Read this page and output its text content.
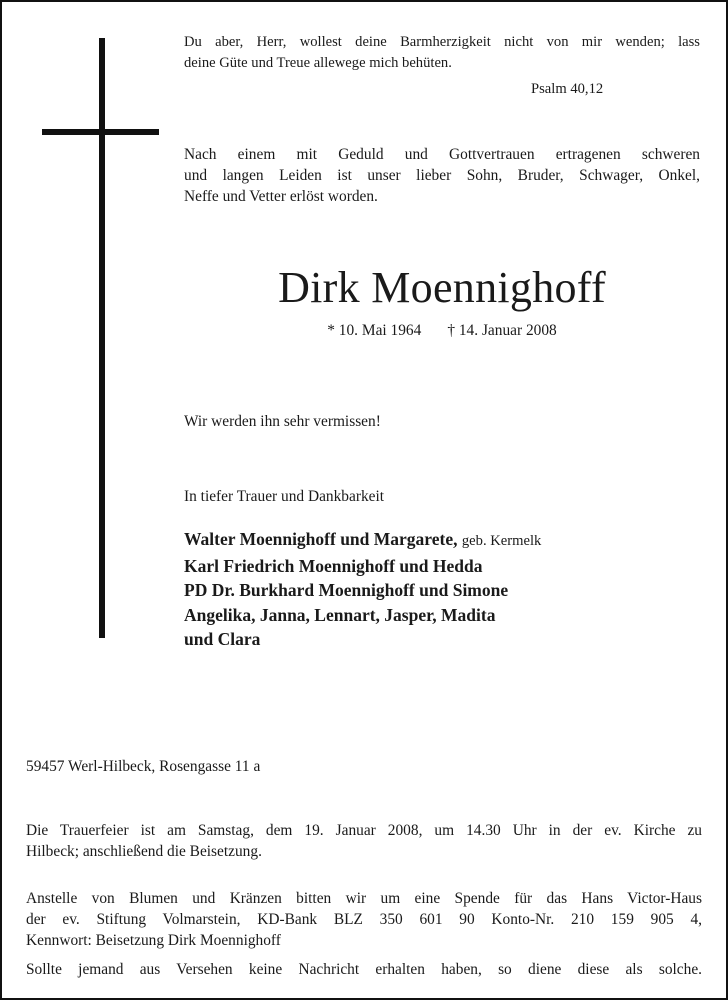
Du aber, Herr, wollest deine Barmherzigkeit nicht von mir wenden; lass
deine Güte und Treue allewege mich behüten.
Psalm 40,12
Nach einem mit Geduld und Gottvertrauen ertragenen schweren
und langen Leiden ist unser lieber Sohn, Bruder, Schwager, Onkel,
Neffe und Vetter erlöst worden.
Dirk Moennighoff
* 10. Mai 1964 † 14. Januar 2008
Wir werden ihn sehr vermissen!
In tiefer Trauer und Dankbarkeit
Walter Moennighoff und Margarete, geb. Kermelk
Karl Friedrich Moennighoff und Hedda
PD Dr. Burkhard Moennighoff und Simone
Angelika, Janna, Lennart, Jasper, Madita
und Clara
59457 Werl-Hilbeck, Rosengasse 11 a
Die Trauerfeier ist am Samstag, dem 19. Januar 2008, um 14.30 Uhr in der ev. Kirche zu
Hilbeck; anschließend die Beisetzung.
Anstelle von Blumen und Kränzen bitten wir um eine Spende für das Hans Victor-Haus
der ev. Stiftung Volmarstein, KD-Bank BLZ 350 601 90 Konto-Nr. 210 159 905 4,
Kennwort: Beisetzung Dirk Moennighoff
Sollte jemand aus Versehen keine Nachricht erhalten haben, so diene diese als solche.
